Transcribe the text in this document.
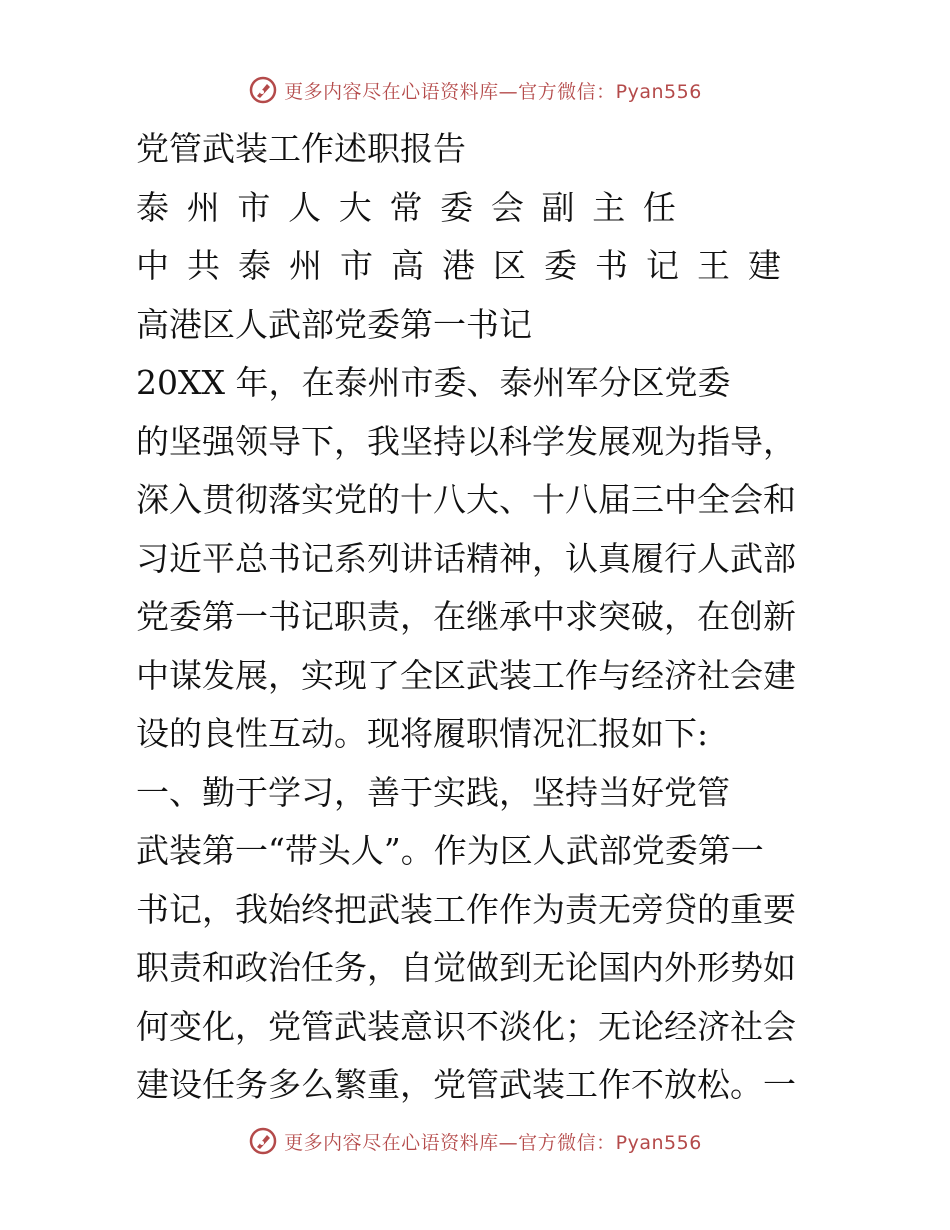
更多内容尽在心语资料库—官方微信：Pyan556
党管武装工作述职报告
泰 州 市 人 大 常 委 会 副 主 任
中 共 泰 州 市 高 港 区 委 书 记 王 建
高港区人武部党委第一书记
20XX 年，在泰州市委、泰州军分区党委
的坚强领导下，我坚持以科学发展观为指导，
深入贯彻落实党的十八大、十八届三中全会和
习近平总书记系列讲话精神，认真履行人武部
党委第一书记职责，在继承中求突破，在创新
中谋发展，实现了全区武装工作与经济社会建
设的良性互动。现将履职情况汇报如下:
一、勤于学习，善于实践，坚持当好党管
武装第一“带头人”。作为区人武部党委第一
书记，我始终把武装工作作为责无旁贷的重要
职责和政治任务，自觉做到无论国内外形势如
何变化，党管武装意识不淡化；无论经济社会
建设任务多么繁重，党管武装工作不放松。一
更多内容尽在心语资料库—官方微信：Pyan556
